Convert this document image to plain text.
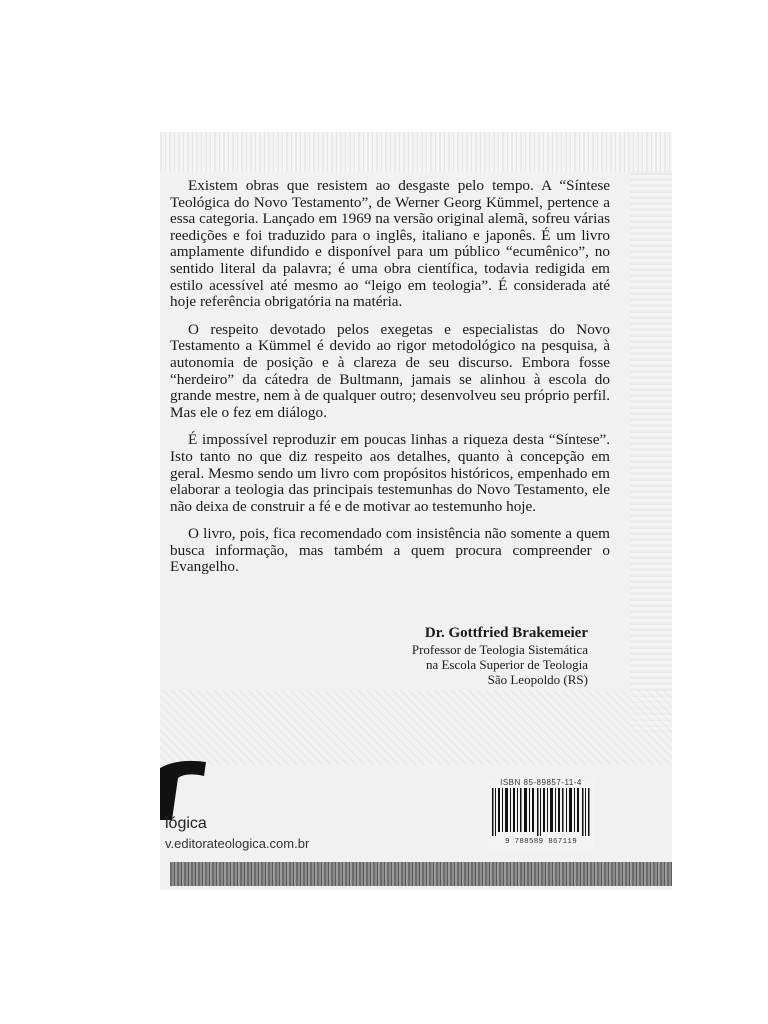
Existem obras que resistem ao desgaste pelo tempo. A “Síntese Teológica do Novo Testamento”, de Werner Georg Kümmel, pertence a essa categoria. Lançado em 1969 na versão original alemã, sofreu várias reedições e foi traduzido para o inglês, italiano e japonês. É um livro amplamente difundido e disponível para um público “ecumênico”, no sentido literal da palavra; é uma obra científica, todavia redigida em estilo acessível até mesmo ao “leigo em teologia”. É considerada até hoje referência obrigatória na matéria.

O respeito devotado pelos exegetas e especialistas do Novo Testamento a Kümmel é devido ao rigor metodológico na pesquisa, à autonomia de posição e à clareza de seu discurso. Embora fosse “herdeiro” da cátedra de Bultmann, jamais se alinhou à escola do grande mestre, nem à de qualquer outro; desenvolveu seu próprio perfil. Mas ele o fez em diálogo.

É impossível reproduzir em poucas linhas a riqueza desta “Síntese”. Isto tanto no que diz respeito aos detalhes, quanto à concepção em geral. Mesmo sendo um livro com propósitos históricos, empenhado em elaborar a teologia das principais testemunhas do Novo Testamento, ele não deixa de construir a fé e de motivar ao testemunho hoje.

O livro, pois, fica recomendado com insistência não somente a quem busca informação, mas também a quem procura compreender o Evangelho.

Dr. Gottfried Brakemeier
Professor de Teologia Sistemática
na Escola Superior de Teologia
São Leopoldo (RS)
lógica
v.editorateologica.com.br
ISBN 85-89857-11-4
9 788589 867119
